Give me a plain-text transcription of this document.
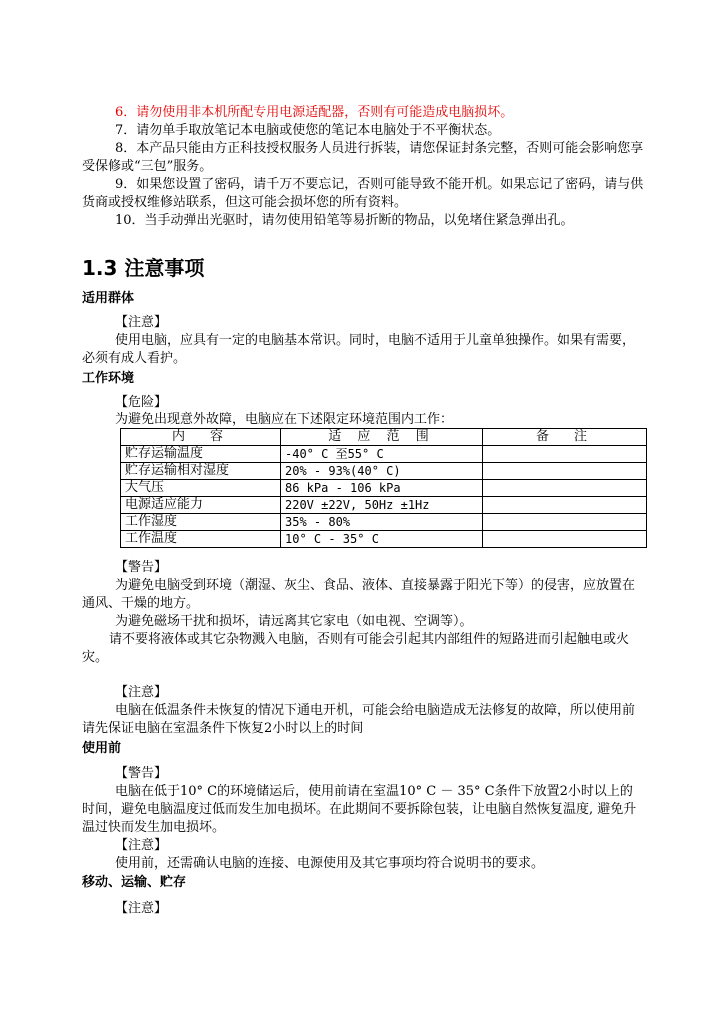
6．请勿使用非本机所配专用电源适配器，否则有可能造成电脑损坏。

7．请勿单手取放笔记本电脑或使您的笔记本电脑处于不平衡状态。

8．本产品只能由方正科技授权服务人员进行拆装，请您保证封条完整，否则可能会影响您享受保修或“三包”服务。

9．如果您设置了密码，请千万不要忘记，否则可能导致不能开机。如果忘记了密码，请与供货商或授权维修站联系，但这可能会损坏您的所有资料。

10．当手动弹出光驱时，请勿使用铅笔等易折断的物品，以免堵住紧急弹出孔。

1.3 注意事项
适用群体

【注意】

使用电脑，应具有一定的电脑基本常识。同时，电脑不适用于儿童单独操作。如果有需要，必须有成人看护。

工作环境

【危险】

为避免出现意外故障，电脑应在下述限定环境范围内工作：

内　容	适 应 范 围	备　注
贮存运输温度	-40° C 至55° C	
贮存运输相对湿度	20% - 93%(40° C)	
大气压	86 kPa - 106 kPa	
电源适应能力	220V ±22V, 50Hz ±1Hz	
工作湿度	35% - 80%	
工作温度	10° C - 35° C	

【警告】

为避免电脑受到环境（潮湿、灰尘、食品、液体、直接暴露于阳光下等）的侵害，应放置在通风、干燥的地方。

为避免磁场干扰和损坏，请远离其它家电（如电视、空调等）。

请不要将液体或其它杂物溅入电脑，否则有可能会引起其内部组件的短路进而引起触电或火灾。

【注意】

电脑在低温条件未恢复的情况下通电开机，可能会给电脑造成无法修复的故障，所以使用前请先保证电脑在室温条件下恢复2小时以上的时间

使用前

【警告】

电脑在低于10° C的环境储运后，使用前请在室温10° C － 35° C条件下放置2小时以上的时间，避免电脑温度过低而发生加电损坏。在此期间不要拆除包装，让电脑自然恢复温度, 避免升温过快而发生加电损坏。

【注意】

使用前，还需确认电脑的连接、电源使用及其它事项均符合说明书的要求。

移动、运输、贮存

【注意】
